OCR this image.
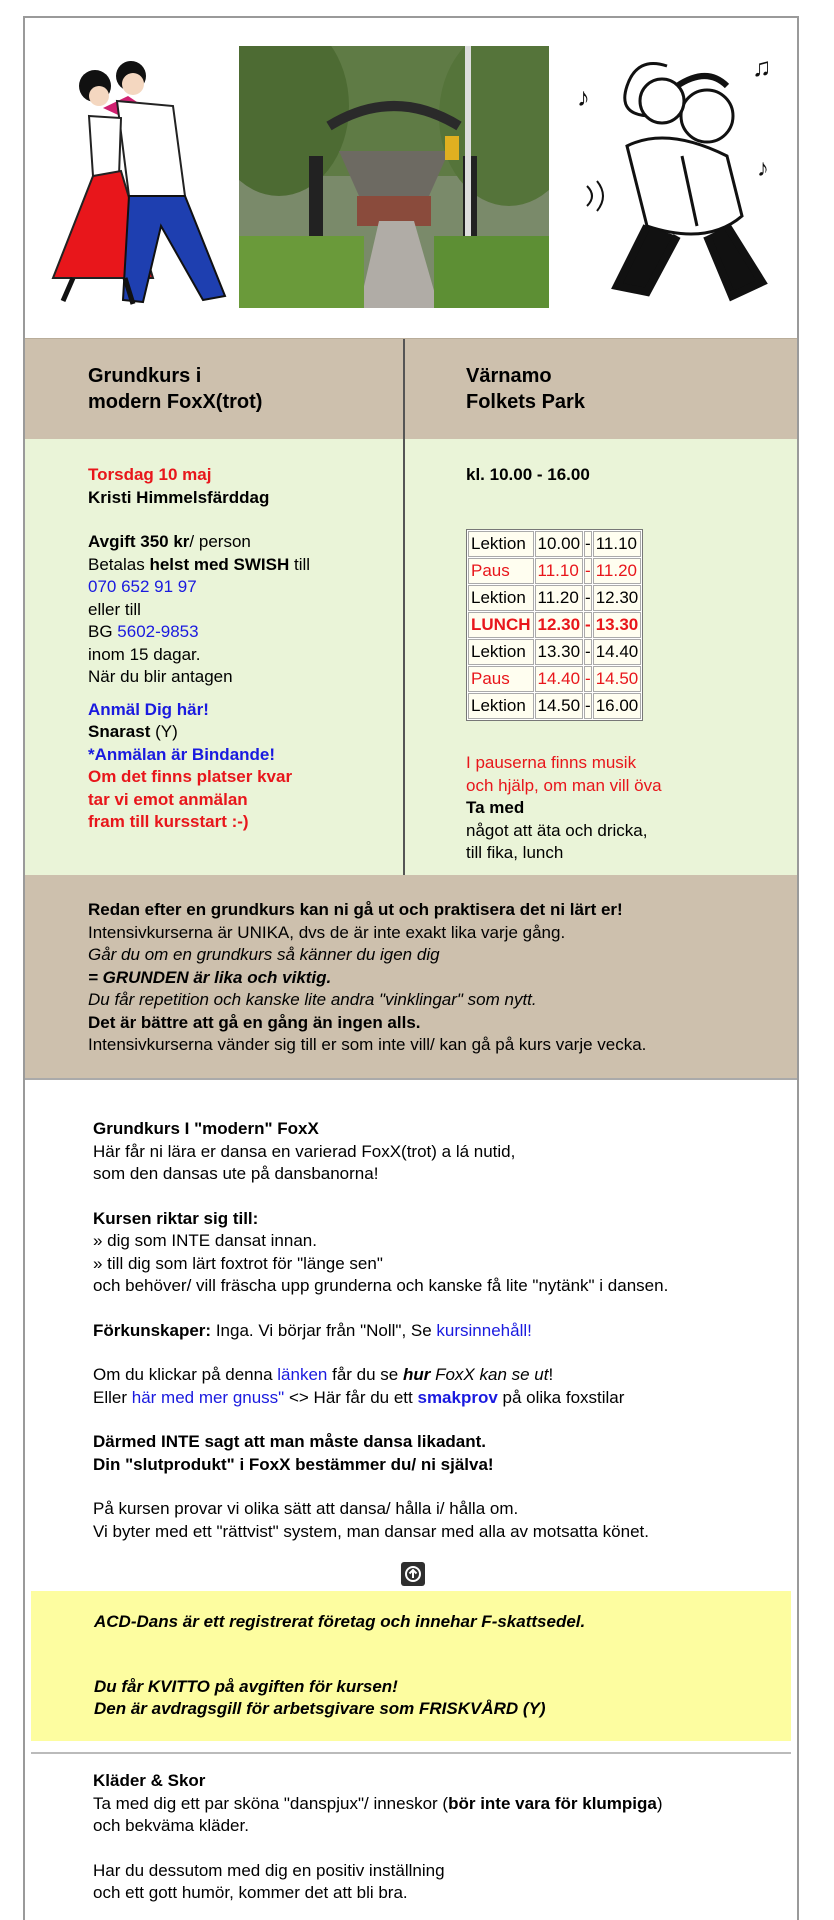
♪
♫
♪
Grundkurs i
modern FoxX(trot)
Värnamo
Folkets Park
Torsdag 10 maj
Kristi Himmelsfärddag
Avgift 350 kr/ person
Betalas helst med SWISH till
070 652 91 97
eller till
BG 5602-9853
inom 15 dagar.
När du blir antagen
Anmäl Dig här!
Snarast (Y)
*Anmälan är Bindande!
Om det finns platser kvar
tar vi emot anmälan
fram till kursstart :-)
kl. 10.00 - 16.00
Lektion	10.00	-	11.10
Paus	11.10	-	11.20
Lektion	11.20	-	12.30
LUNCH	12.30	-	13.30
Lektion	13.30	-	14.40
Paus	14.40	-	14.50
Lektion	14.50	-	16.00
I pauserna finns musik
och hjälp, om man vill öva
Ta med
något att äta och dricka,
till fika, lunch
Redan efter en grundkurs kan ni gå ut och praktisera det ni lärt er!
Intensivkurserna är UNIKA, dvs de är inte exakt lika varje gång.
Går du om en grundkurs så känner du igen dig
= GRUNDEN är lika och viktig.
Du får repetition och kanske lite andra "vinklingar" som nytt.
Det är bättre att gå en gång än ingen alls.
Intensivkurserna vänder sig till er som inte vill/ kan gå på kurs varje vecka.
Grundkurs I "modern" FoxX
Här får ni lära er dansa en varierad FoxX(trot) a lá nutid,
som den dansas ute på dansbanorna!
Kursen riktar sig till:
» dig som INTE dansat innan.
» till dig som lärt foxtrot för "länge sen"
och behöver/ vill fräscha upp grunderna och kanske få lite "nytänk" i dansen.
Förkunskaper: Inga. Vi börjar från "Noll", Se kursinnehåll!
Om du klickar på denna länken får du se hur FoxX kan se ut!
Eller här med mer gnuss" <> Här får du ett smakprov på olika foxstilar
Därmed INTE sagt att man måste dansa likadant.
Din "slutprodukt" i FoxX bestämmer du/ ni själva!
På kursen provar vi olika sätt att dansa/ hålla i/ hålla om.
Vi byter med ett "rättvist" system, man dansar med alla av motsatta könet.
ACD-Dans är ett registrerat företag och innehar F-skattsedel.
Du får KVITTO på avgiften för kursen!
Den är avdragsgill för arbetsgivare som FRISKVÅRD (Y)
Kläder & Skor
Ta med dig ett par sköna "danspjux"/ inneskor (bör inte vara för klumpiga)
och bekväma kläder.
Har du dessutom med dig en positiv inställning
och ett gott humör, kommer det att bli bra.
